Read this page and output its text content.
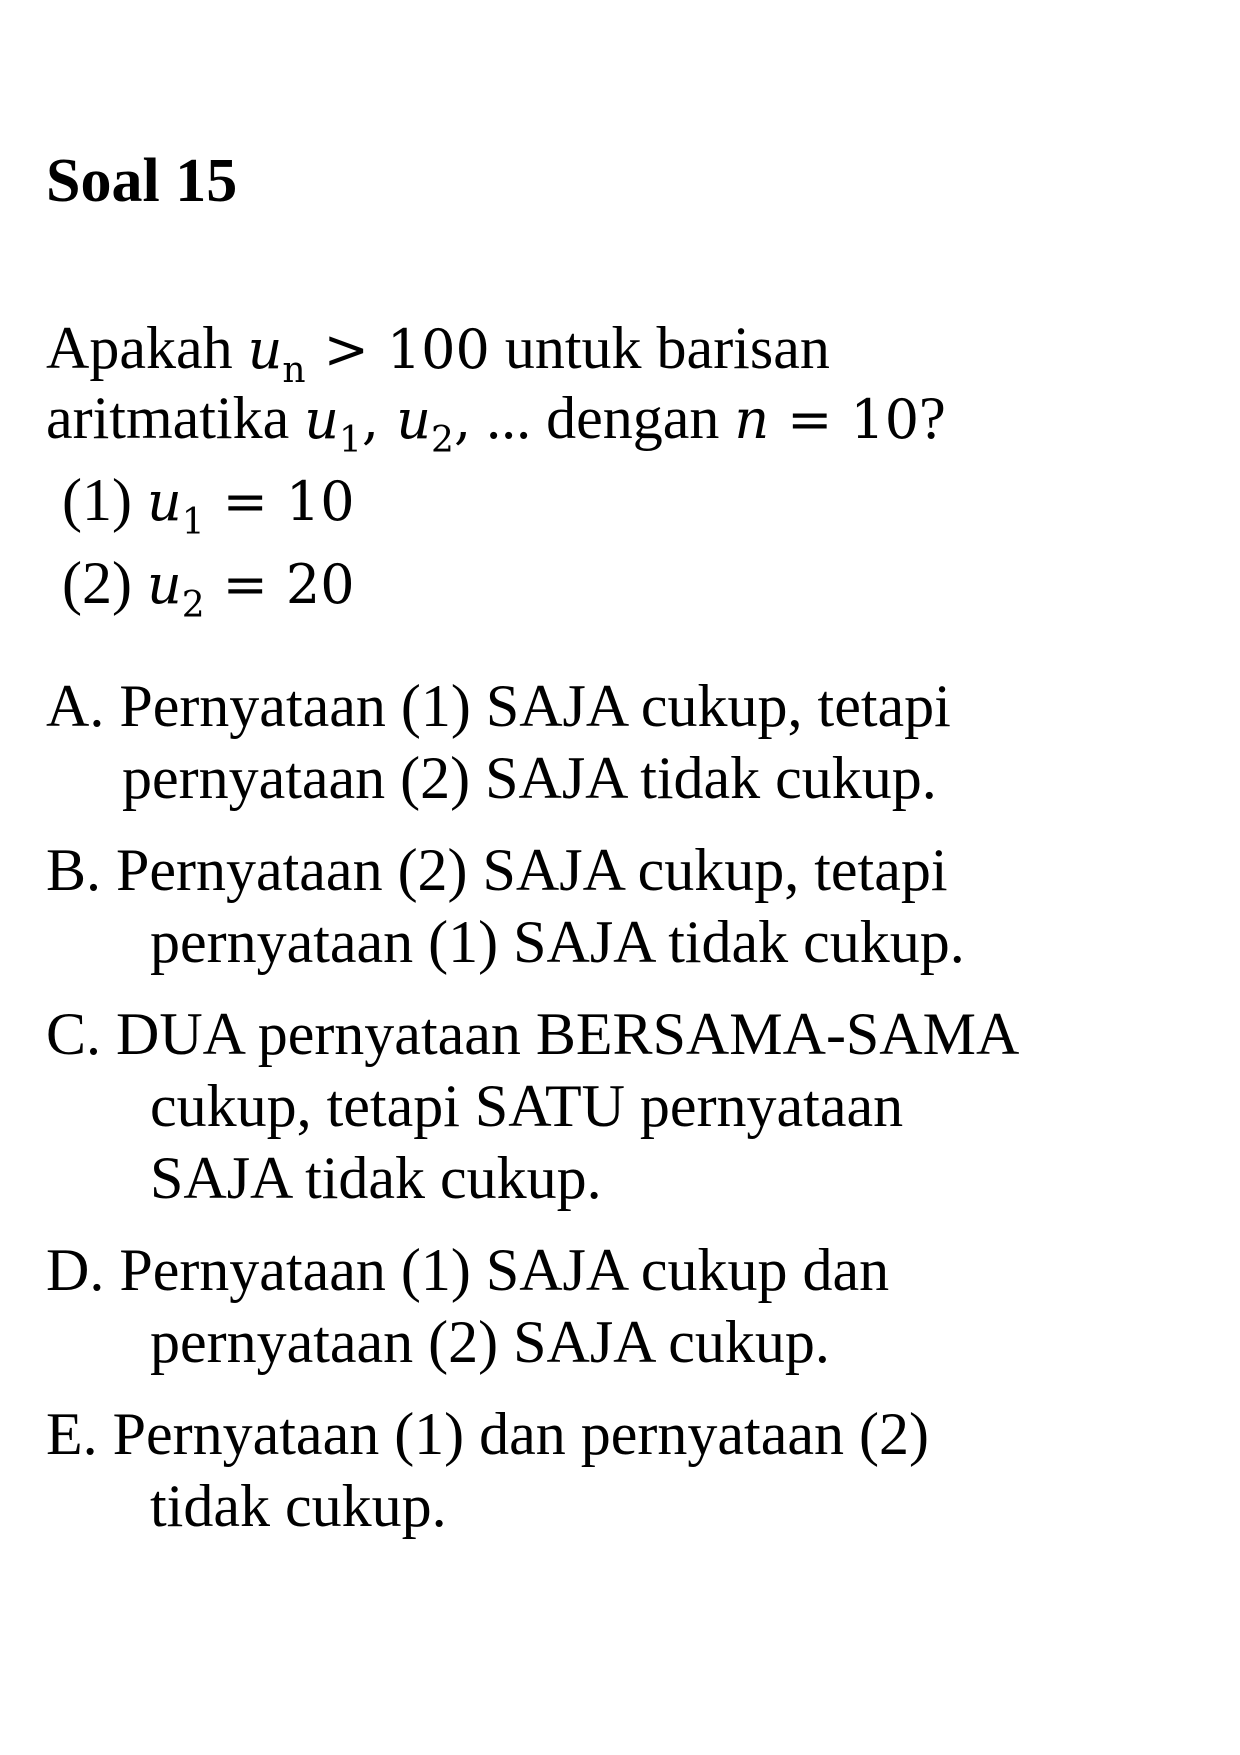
Soal 15
Apakah $u_n > 100$ untuk barisan
aritmatika $u_1$, $u_2$, ... dengan n = 10?
(1) $u_1 = 10$
(2) $u_2 = 20$
A. Pernyataan (1) SAJA cukup, tetapi
pernyataan (2) SAJA tidak cukup.
B. Pernyataan (2) SAJA cukup, tetapi
pernyataan (1) SAJA tidak cukup.
C. DUA pernyataan BERSAMA-SAMA
cukup, tetapi SATU pernyataan
SAJA tidak cukup.
D. Pernyataan (1) SAJA cukup dan
pernyataan (2) SAJA cukup.
E. Pernyataan (1) dan pernyataan (2)
tidak cukup.
